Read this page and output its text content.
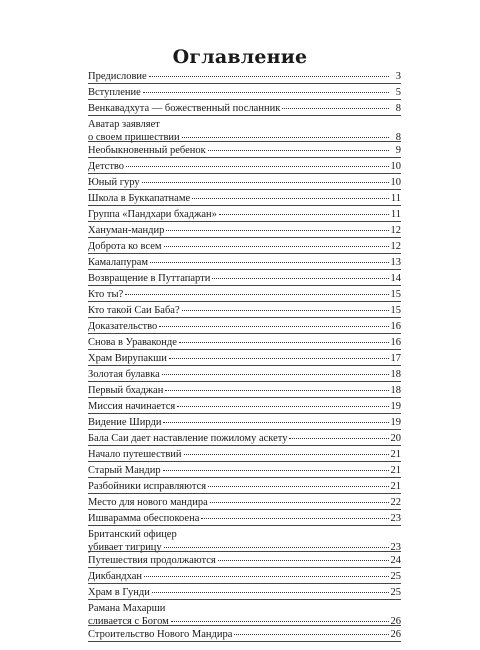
Оглавление
Предисловие	3
Вступление	5
Венкавадхута — божественный посланник	8
Аватар заявляет
о своем пришествии	8
Необыкновенный ребенок	9
Детство	10
Юный гуру	10
Школа в Буккапатнаме	11
Группа «Пандхари бхаджан»	11
Хануман-мандир	12
Доброта ко всем	12
Камалапурам	13
Возвращение в Путтапарти	14
Кто ты?	15
Кто такой Саи Баба?	15
Доказательство	16
Снова в Ураваконде	16
Храм Вирупакши	17
Золотая булавка	18
Первый бхаджан	18
Миссия начинается	19
Видение Ширди	19
Бала Саи дает наставление пожилому аскету	20
Начало путешествий	21
Старый Мандир	21
Разбойники исправляются	21
Место для нового мандира	22
Ишварамма обеспокоена	23
Британский офицер
убивает тигрицу	23
Путешествия продолжаются	24
Дикбандхан	25
Храм в Гунди	25
Рамана Махарши
сливается с Богом	26
Строительство Нового Мандира	26
